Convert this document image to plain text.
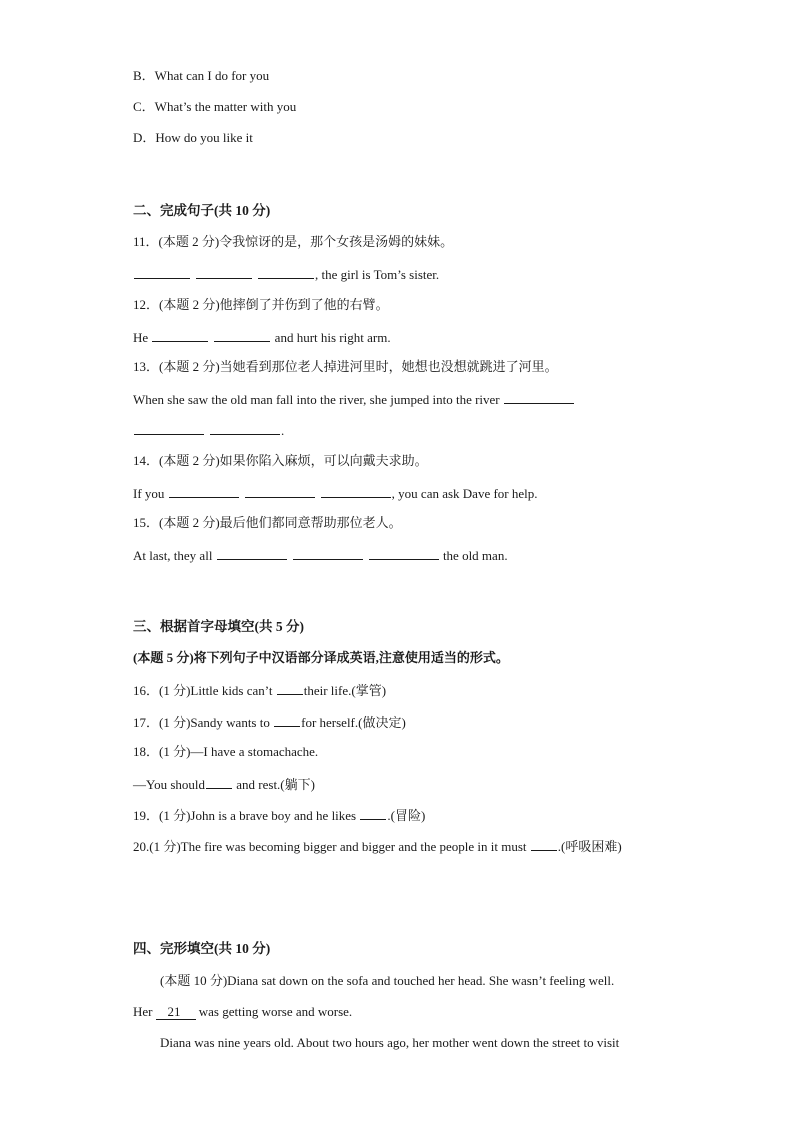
B．What can I do for you
C．What’s the matter with you
D．How do you like it
二、完成句子(共 10 分)
11．(本题 2 分)令我惊讶的是，那个女孩是汤姆的妹妹。
, the girl is Tom’s sister.
12．(本题 2 分)他摔倒了并伤到了他的右臂。
He	and hurt his right arm.
13．(本题 2 分)当她看到那位老人掉进河里时，她想也没想就跳进了河里。
When she saw the old man fall into the river, she jumped into the river
.
14．(本题 2 分)如果你陷入麻烦，可以向戴夫求助。
If you	, you can ask Dave for help.
15．(本题 2 分)最后他们都同意帮助那位老人。
At last, they all	the old man.
三、根据首字母填空(共 5 分)
(本题 5 分)将下列句子中汉语部分译成英语,注意使用适当的形式。
16．(1 分)Little kids can’t their life.(掌管)
17．(1 分)Sandy wants to for herself.(做决定)
18．(1 分)—I have a stomachache.
—You should and rest.(躺下)
19．(1 分)John is a brave boy and he likes .(冒险)
20.(1 分)The fire was becoming bigger and bigger and the people in it must .(呼吸困难)
四、完形填空(共 10 分)
(本题 10 分)Diana sat down on the sofa and touched her head. She wasn’t feeling well.
Her 21 was getting worse and worse.
Diana was nine years old. About two hours ago, her mother went down the street to visit
